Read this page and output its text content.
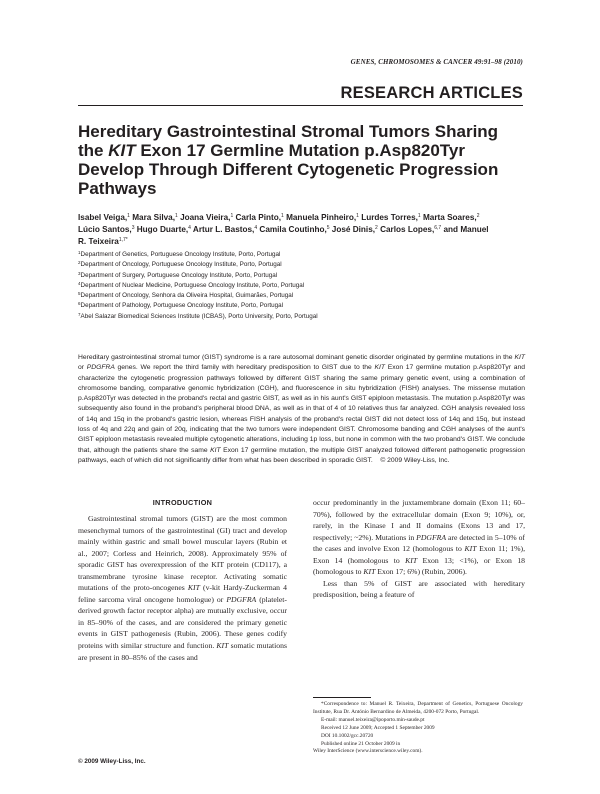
GENES, CHROMOSOMES & CANCER 49:91–98 (2010)
RESEARCH ARTICLES
Hereditary Gastrointestinal Stromal Tumors Sharing the KIT Exon 17 Germline Mutation p.Asp820Tyr Develop Through Different Cytogenetic Progression Pathways
Isabel Veiga,$^1$ Mara Silva,$^1$ Joana Vieira,$^1$ Carla Pinto,$^1$ Manuela Pinheiro,$^1$ Lurdes Torres,$^1$ Marta Soares,$^2$ Lúcio Santos,$^3$ Hugo Duarte,$^4$ Artur L. Bastos,$^4$ Camila Coutinho,$^5$ José Dinis,$^2$ Carlos Lopes,$^{6,7}$ and Manuel R. Teixeira$^{1,7*}$
$^1$Department of Genetics, Portuguese Oncology Institute, Porto, Portugal
$^2$Department of Oncology, Portuguese Oncology Institute, Porto, Portugal
$^3$Department of Surgery, Portuguese Oncology Institute, Porto, Portugal
$^4$Department of Nuclear Medicine, Portuguese Oncology Institute, Porto, Portugal
$^5$Department of Oncology, Senhora da Oliveira Hospital, Guimarães, Portugal
$^6$Department of Pathology, Portuguese Oncology Institute, Porto, Portugal
$^7$Abel Salazar Biomedical Sciences Institute (ICBAS), Porto University, Porto, Portugal

Hereditary gastrointestinal stromal tumor (GIST) syndrome is a rare autosomal dominant genetic disorder originated by germline mutations in the KIT or PDGFRA genes. We report the third family with hereditary predisposition to GIST due to the KIT Exon 17 germline mutation p.Asp820Tyr and characterize the cytogenetic progression pathways followed by different GIST sharing the same primary genetic event, using a combination of chromosome banding, comparative genomic hybridization (CGH), and fluorescence in situ hybridization (FISH) analyses. The missense mutation p.Asp820Tyr was detected in the proband's rectal and gastric GIST, as well as in his aunt's GIST epiploon metastasis. The mutation p.Asp820Tyr was subsequently also found in the proband's peripheral blood DNA, as well as in that of 4 of 10 relatives thus far analyzed. CGH analysis revealed loss of 14q and 15q in the proband's gastric lesion, whereas FISH analysis of the proband's rectal GIST did not detect loss of 14q and 15q, but instead loss of 4q and 22q and gain of 20q, indicating that the two tumors were independent GIST. Chromosome banding and CGH analyses of the aunt's GIST epiploon metastasis revealed multiple cytogenetic alterations, including 1p loss, but none in common with the two proband's GIST. We conclude that, although the patients share the same KIT Exon 17 germline mutation, the multiple GIST analyzed followed different pathogenetic progression pathways, each of which did not significantly differ from what has been described in sporadic GIST. © 2009 Wiley-Liss, Inc.

INTRODUCTION

Gastrointestinal stromal tumors (GIST) are the most common mesenchymal tumors of the gastrointestinal (GI) tract and develop mainly within gastric and small bowel muscular layers (Rubin et al., 2007; Corless and Heinrich, 2008). Approximately 95% of sporadic GIST has overexpression of the KIT protein (CD117), a transmembrane tyrosine kinase receptor. Activating somatic mutations of the proto-oncogenes KIT (v-kit Hardy-Zuckerman 4 feline sarcoma viral oncogene homologue) or PDGFRA (platelet-derived growth factor receptor alpha) are mutually exclusive, occur in 85–90% of the cases, and are considered the primary genetic events in GIST pathogenesis (Rubin, 2006). These genes codify proteins with similar structure and function. KIT somatic mutations are present in 80–85% of the cases and

occur predominantly in the juxtamembrane domain (Exon 11; 60–70%), followed by the extracellular domain (Exon 9; 10%), or, rarely, in the Kinase I and II domains (Exons 13 and 17, respectively; ~2%). Mutations in PDGFRA are detected in 5–10% of the cases and involve Exon 12 (homologous to KIT Exon 11; 1%), Exon 14 (homologous to KIT Exon 13; <1%), or Exon 18 (homologous to KIT Exon 17; 6%) (Rubin, 2006).

Less than 5% of GIST are associated with hereditary predisposition, being a feature of

*Correspondence to: Manuel R. Teixeira, Department of Genetics, Portuguese Oncology Institute, Rua Dr. António Bernardino de Almeida, 4200-072 Porto, Portugal.

E-mail: manuel.teixeira@ipoporto.min-saude.pt

Received 12 June 2009; Accepted 1 September 2009

DOI 10.1002/gcc.20720

Published online 21 October 2009 in

Wiley InterScience (www.interscience.wiley.com).

© 2009 Wiley-Liss, Inc.
